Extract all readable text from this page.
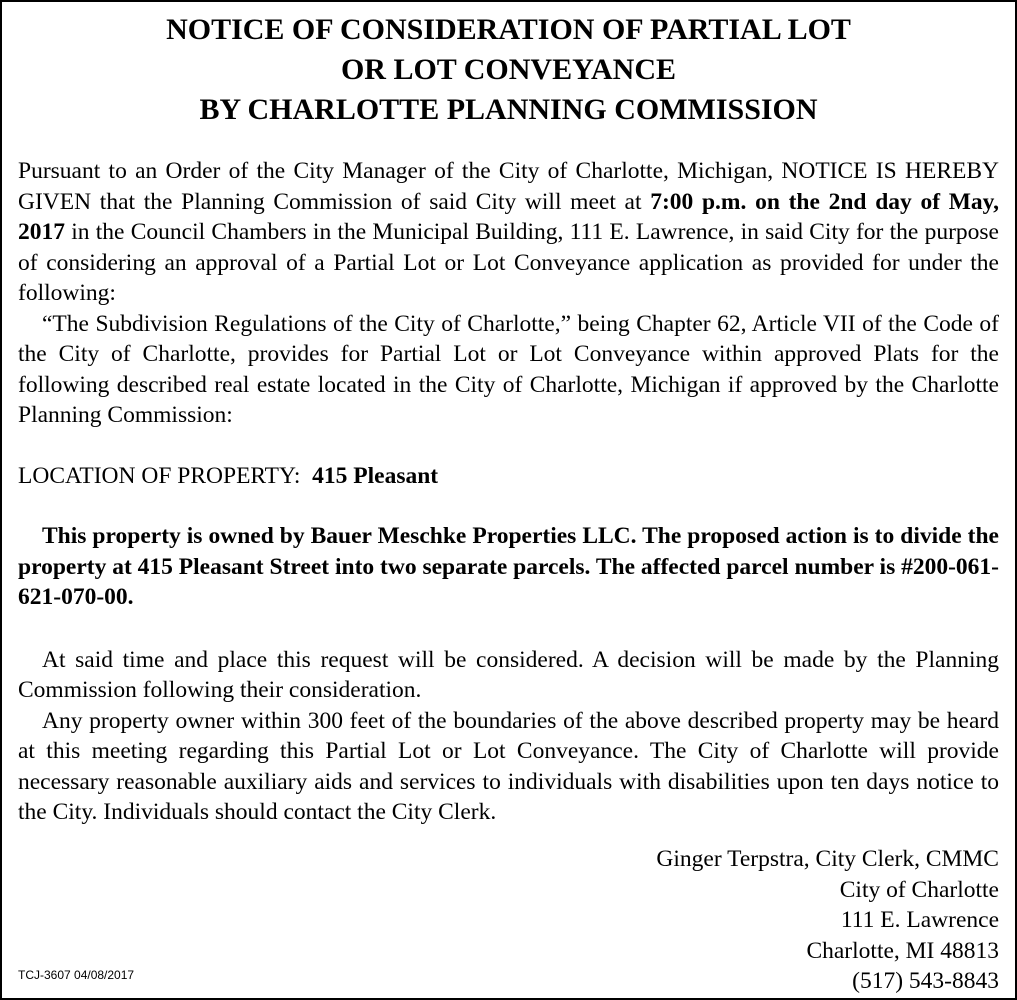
NOTICE OF CONSIDERATION OF PARTIAL LOT
OR LOT CONVEYANCE
BY CHARLOTTE PLANNING COMMISSION

Pursuant to an Order of the City Manager of the City of Charlotte, Michigan, NOTICE IS HEREBY GIVEN that the Planning Commission of said City will meet at 7:00 p.m. on the 2nd day of May, 2017 in the Council Chambers in the Municipal Building, 111 E. Lawrence, in said City for the purpose of considering an approval of a Partial Lot or Lot Conveyance application as provided for under the following:

“The Subdivision Regulations of the City of Charlotte,” being Chapter 62, Article VII of the Code of the City of Charlotte, provides for Partial Lot or Lot Conveyance within approved Plats for the following described real estate located in the City of Charlotte, Michigan if approved by the Charlotte Planning Commission:

LOCATION OF PROPERTY: 415 Pleasant

This property is owned by Bauer Meschke Properties LLC. The proposed action is to divide the property at 415 Pleasant Street into two separate parcels. The affected parcel number is #200-061-621-070-00.

At said time and place this request will be considered. A decision will be made by the Planning Commission following their consideration.

Any property owner within 300 feet of the boundaries of the above described property may be heard at this meeting regarding this Partial Lot or Lot Conveyance. The City of Charlotte will provide necessary reasonable auxiliary aids and services to individuals with disabilities upon ten days notice to the City. Individuals should contact the City Clerk.

Ginger Terpstra, City Clerk, CMMC
City of Charlotte
111 E. Lawrence
Charlotte, MI 48813
(517) 543-8843
TCJ-3607 04/08/2017
